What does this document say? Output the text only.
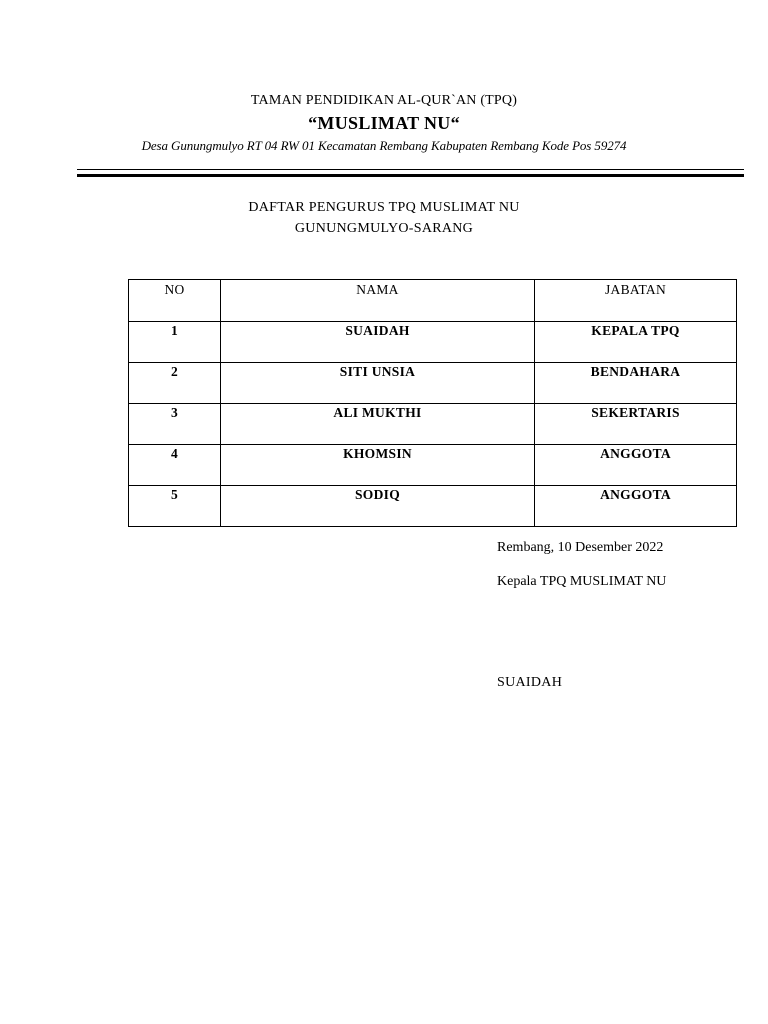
TAMAN PENDIDIKAN AL-QUR`AN (TPQ)
“MUSLIMAT NU“
Desa Gunungmulyo RT 04 RW 01 Kecamatan Rembang Kabupaten Rembang Kode Pos 59274
DAFTAR PENGURUS TPQ MUSLIMAT NU
GUNUNGMULYO-SARANG
NO	NAMA	JABATAN
1	SUAIDAH	KEPALA TPQ
2	SITI UNSIA	BENDAHARA
3	ALI MUKTHI	SEKERTARIS
4	KHOMSIN	ANGGOTA
5	SODIQ	ANGGOTA
Rembang, 10 Desember 2022
Kepala TPQ MUSLIMAT NU
SUAIDAH
